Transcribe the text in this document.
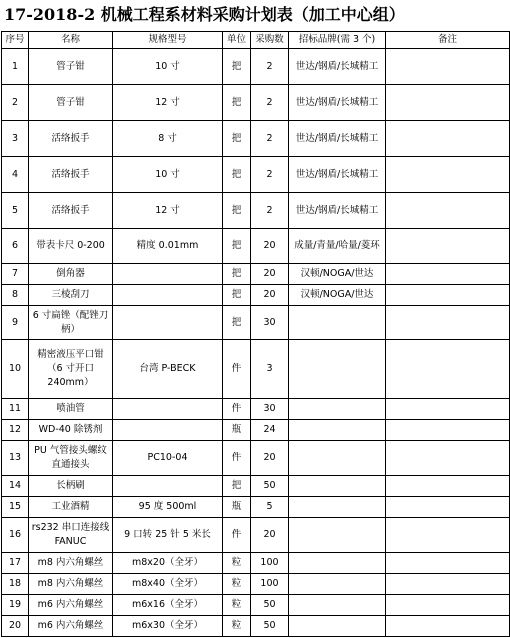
17-2018-2 机械工程系材料采购计划表（加工中心组）
序号	名称	规格型号	单位	采购数	招标品牌(需 3 个)	备注
1	管子钳	10 寸	把	2	世达/钢盾/长城精工	
2	管子钳	12 寸	把	2	世达/钢盾/长城精工	
3	活络扳手	8 寸	把	2	世达/钢盾/长城精工	
4	活络扳手	10 寸	把	2	世达/钢盾/长城精工	
5	活络扳手	12 寸	把	2	世达/钢盾/长城精工	
6	带表卡尺 0-200	精度 0.01mm	把	20	成量/青量/哈量/菱环	
7	倒角器		把	20	汉顿/NOGA/世达	
8	三棱刮刀		把	20	汉顿/NOGA/世达	
9	6 寸扁锉（配锉刀柄）		把	30		
10	精密液压平口钳（6 寸开口 240mm）	台湾 P-BECK	件	3		
11	喷油管		件	30		
12	WD-40 除锈剂		瓶	24		
13	PU 气管接头螺纹直通接头	PC10-04	件	20		
14	长柄刷		把	50		
15	工业酒精	95 度 500ml	瓶	5		
16	rs232 串口连接线 FANUC	9 口转 25 针 5 米长	件	20		
17	m8 内六角螺丝	m8x20（全牙）	粒	100		
18	m8 内六角螺丝	m8x40（全牙）	粒	100		
19	m6 内六角螺丝	m6x16（全牙）	粒	50		
20	m6 内六角螺丝	m6x30（全牙）	粒	50		
